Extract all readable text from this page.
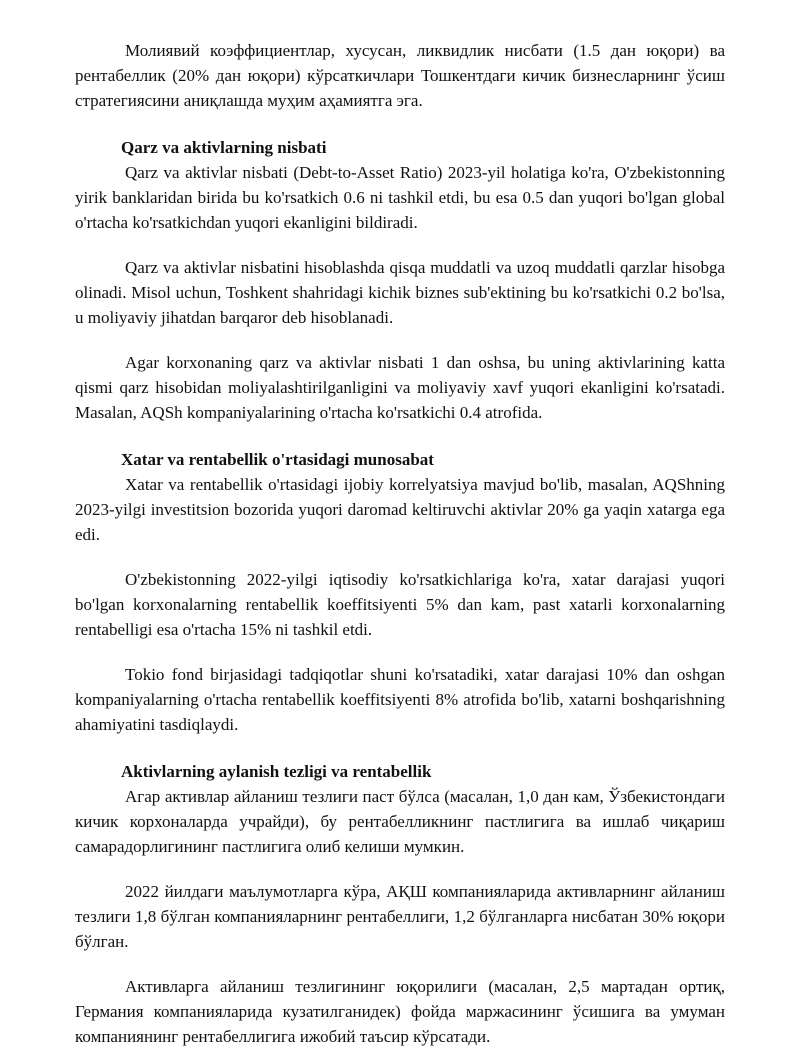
Молиявий коэффициентлар, хусусан, ликвидлик нисбати (1.5 дан юқори) ва рентабеллик (20% дан юқори) кўрсаткичлари Тошкентдаги кичик бизнесларнинг ўсиш стратегиясини аниқлашда муҳим аҳамиятга эга.

Qarz va aktivlarning nisbati

Qarz va aktivlar nisbati (Debt-to-Asset Ratio) 2023-yil holatiga ko'ra, O'zbekistonning yirik banklaridan birida bu ko'rsatkich 0.6 ni tashkil etdi, bu esa 0.5 dan yuqori bo'lgan global o'rtacha ko'rsatkichdan yuqori ekanligini bildiradi.

Qarz va aktivlar nisbatini hisoblashda qisqa muddatli va uzoq muddatli qarzlar hisobga olinadi. Misol uchun, Toshkent shahridagi kichik biznes sub'ektining bu ko'rsatkichi 0.2 bo'lsa, u moliyaviy jihatdan barqaror deb hisoblanadi.

Agar korxonaning qarz va aktivlar nisbati 1 dan oshsa, bu uning aktivlarining katta qismi qarz hisobidan moliyalashtirilganligini va moliyaviy xavf yuqori ekanligini ko'rsatadi. Masalan, AQSh kompaniyalarining o'rtacha ko'rsatkichi 0.4 atrofida.

Xatar va rentabellik o'rtasidagi munosabat

Xatar va rentabellik o'rtasidagi ijobiy korrelyatsiya mavjud bo'lib, masalan, AQShning 2023-yilgi investitsion bozorida yuqori daromad keltiruvchi aktivlar 20% ga yaqin xatarga ega edi.

O'zbekistonning 2022-yilgi iqtisodiy ko'rsatkichlariga ko'ra, xatar darajasi yuqori bo'lgan korxonalarning rentabellik koeffitsiyenti 5% dan kam, past xatarli korxonalarning rentabelligi esa o'rtacha 15% ni tashkil etdi.

Tokio fond birjasidagi tadqiqotlar shuni ko'rsatadiki, xatar darajasi 10% dan oshgan kompaniyalarning o'rtacha rentabellik koeffitsiyenti 8% atrofida bo'lib, xatarni boshqarishning ahamiyatini tasdiqlaydi.

Aktivlarning aylanish tezligi va rentabellik

Агар активлар айланиш тезлиги паст бўлса (масалан, 1,0 дан кам, Ўзбекистондаги кичик корхоналарда учрайди), бу рентабелликнинг пастлигига ва ишлаб чиқариш самарадорлигининг пастлигига олиб келиши мумкин.

2022 йилдаги маълумотларга кўра, АҚШ компанияларида активларнинг айланиш тезлиги 1,8 бўлган компанияларнинг рентабеллиги, 1,2 бўлганларга нисбатан 30% юқори бўлган.

Активларга айланиш тезлигининг юқорилиги (масалан, 2,5 мартадан ортиқ, Германия компанияларида кузатилганидек) фойда маржасининг ўсишига ва умуман компаниянинг рентабеллигига ижобий таъсир кўрсатади.
